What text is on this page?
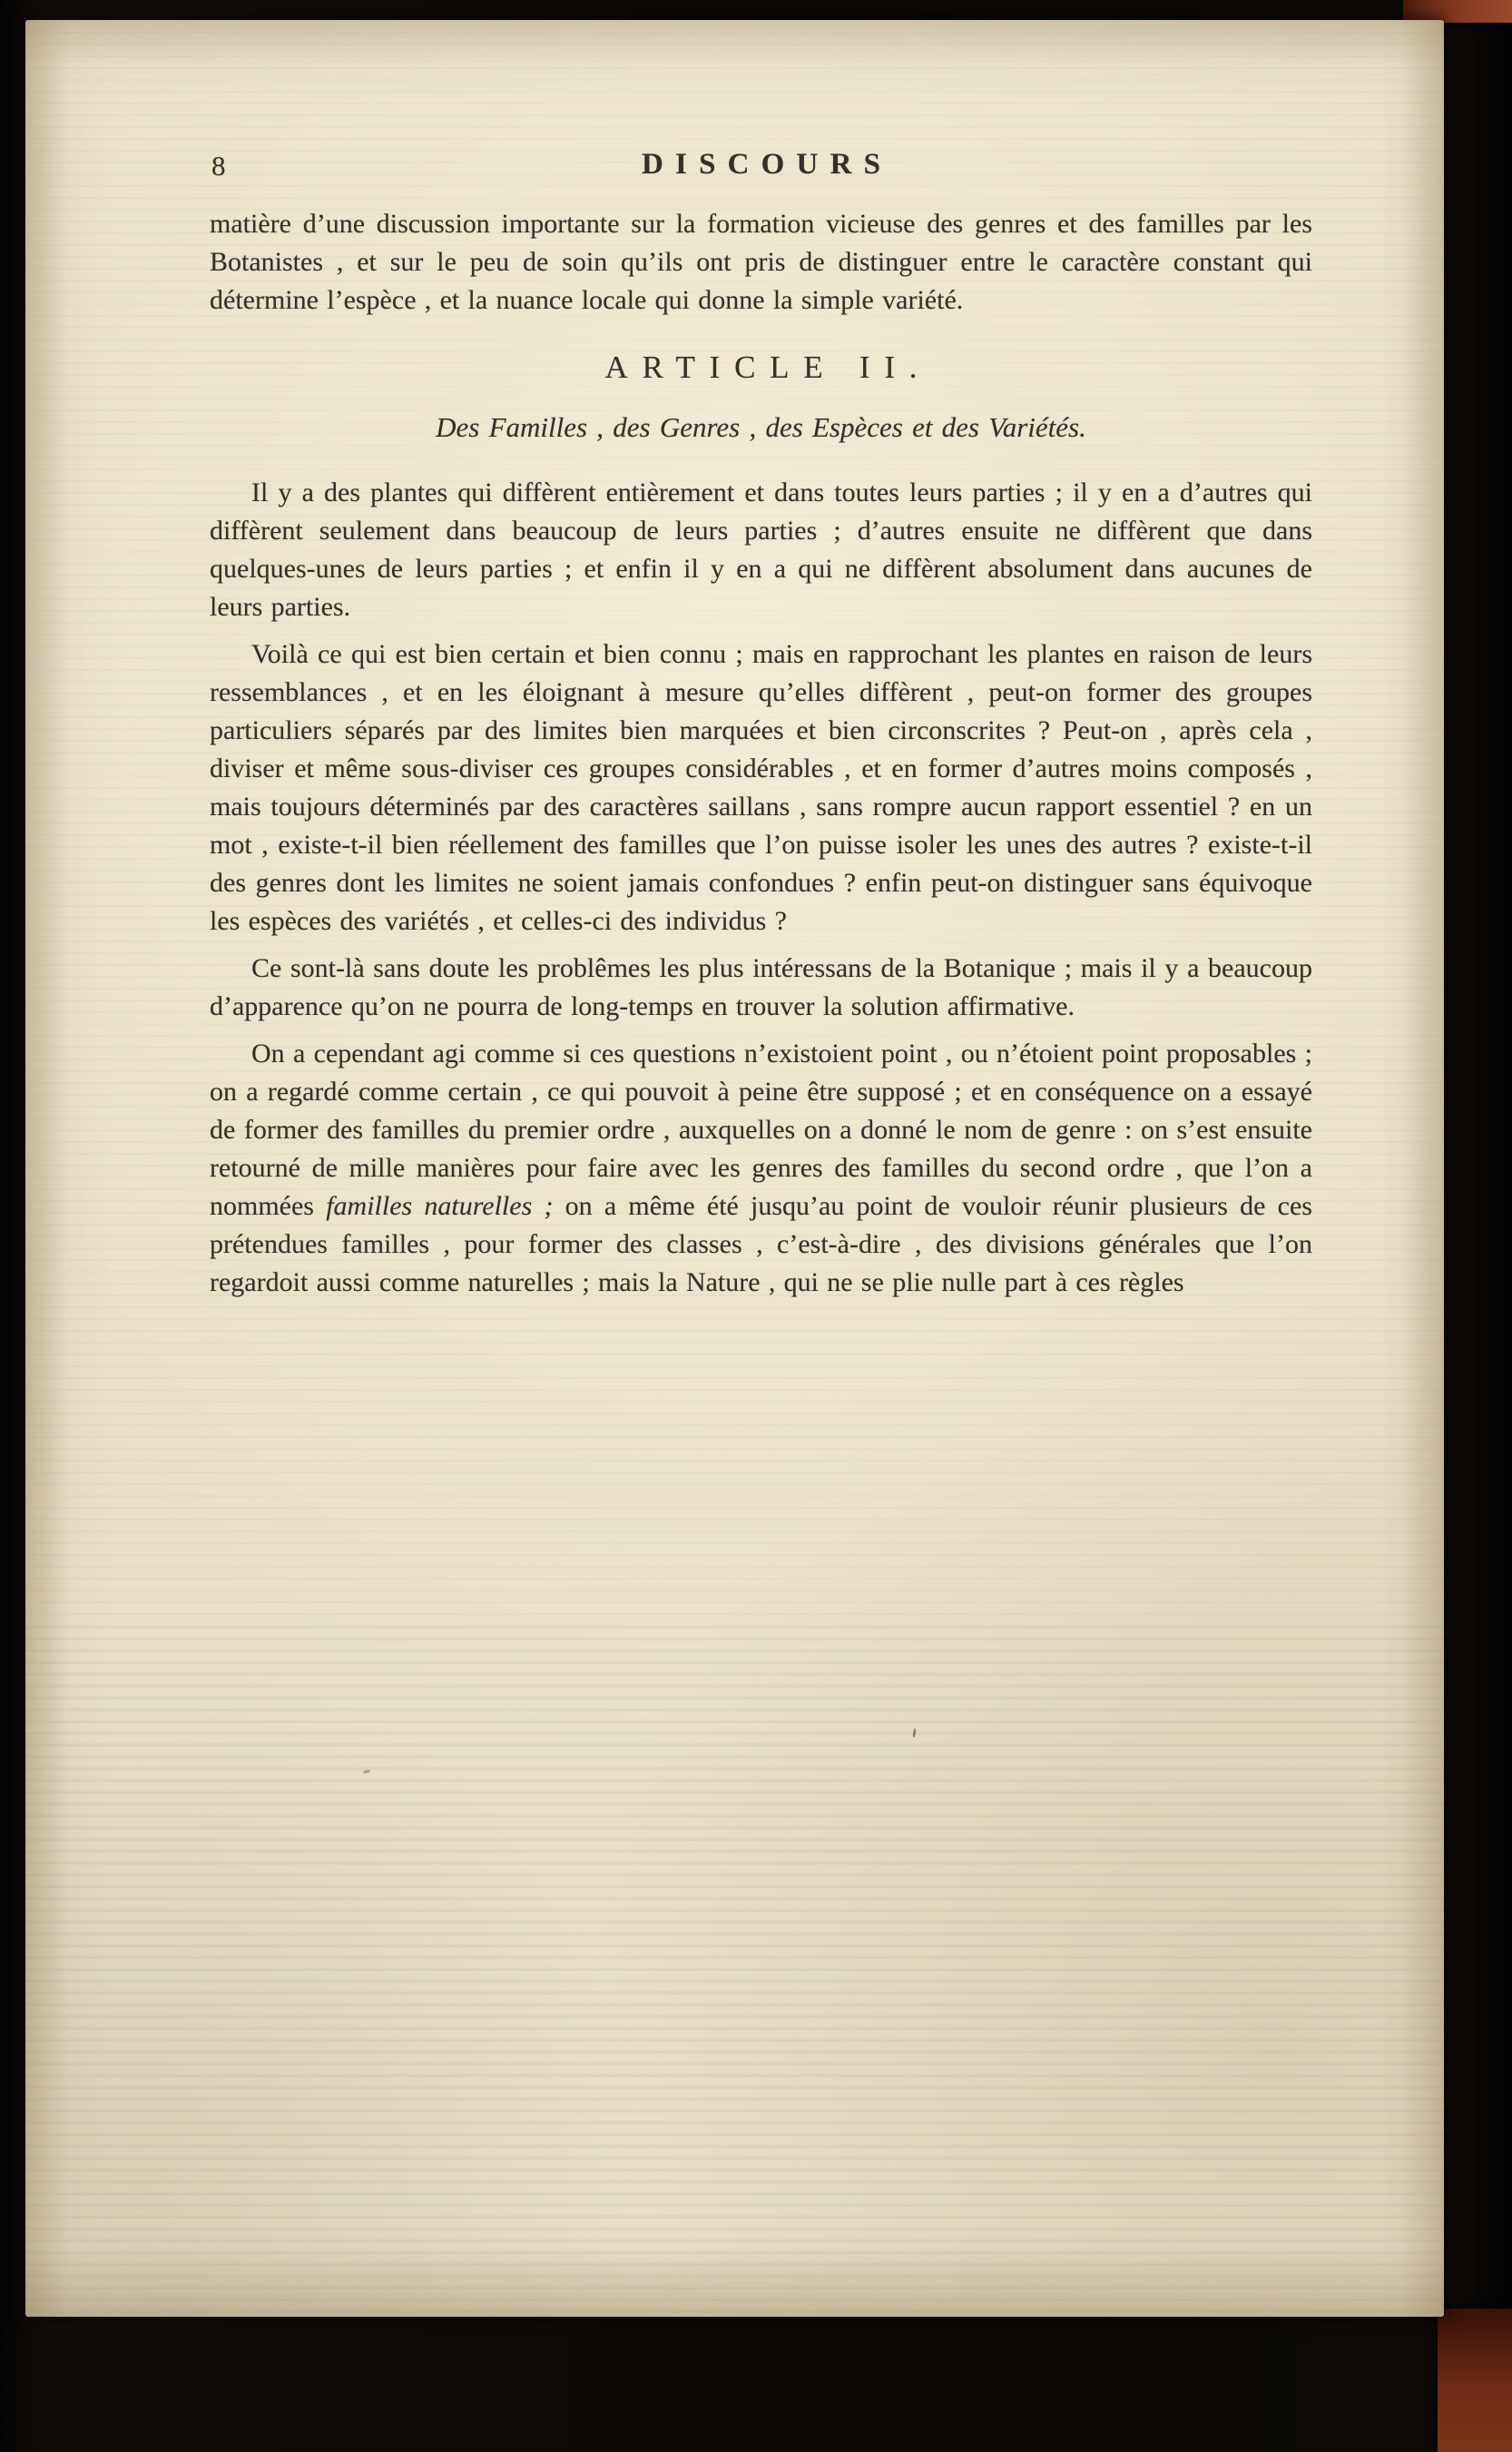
8	DISCOURS

matière d’une discussion importante sur la formation vicieuse des genres et des familles par les Botanistes , et sur le peu de soin qu’ils ont pris de distinguer entre le caractère constant qui détermine l’espèce , et la nuance locale qui donne la simple variété.

ARTICLE II.

Des Familles , des Genres , des Espèces et des Variétés.

Il y a des plantes qui diffèrent entièrement et dans toutes leurs parties ; il y en a d’autres qui diffèrent seulement dans beaucoup de leurs parties ; d’autres ensuite ne diffèrent que dans quelques-unes de leurs parties ; et enfin il y en a qui ne diffèrent absolument dans aucunes de leurs parties.

Voilà ce qui est bien certain et bien connu ; mais en rapprochant les plantes en raison de leurs ressemblances , et en les éloignant à mesure qu’elles diffèrent , peut-on former des groupes particuliers séparés par des limites bien marquées et bien circonscrites ? Peut-on , après cela , diviser et même sous-diviser ces groupes considérables , et en former d’autres moins composés , mais toujours déterminés par des caractères saillans , sans rompre aucun rapport essentiel ? en un mot , existe-t-il bien réellement des familles que l’on puisse isoler les unes des autres ? existe-t-il des genres dont les limites ne soient jamais confondues ? enfin peut-on distinguer sans équivoque les espèces des variétés , et celles-ci des individus ?

Ce sont-là sans doute les problêmes les plus intéressans de la Botanique ; mais il y a beaucoup d’apparence qu’on ne pourra de long-temps en trouver la solution affirmative.

On a cependant agi comme si ces questions n’existoient point , ou n’étoient point proposables ; on a regardé comme certain , ce qui pouvoit à peine être supposé ; et en conséquence on a essayé de former des familles du premier ordre , auxquelles on a donné le nom de genre : on s’est ensuite retourné de mille manières pour faire avec les genres des familles du second ordre , que l’on a nommées familles naturelles ; on a même été jusqu’au point de vouloir réunir plusieurs de ces prétendues familles , pour former des classes , c’est-à-dire , des divisions générales que l’on regardoit aussi comme naturelles ; mais la Nature , qui ne se plie nulle part à ces règles
